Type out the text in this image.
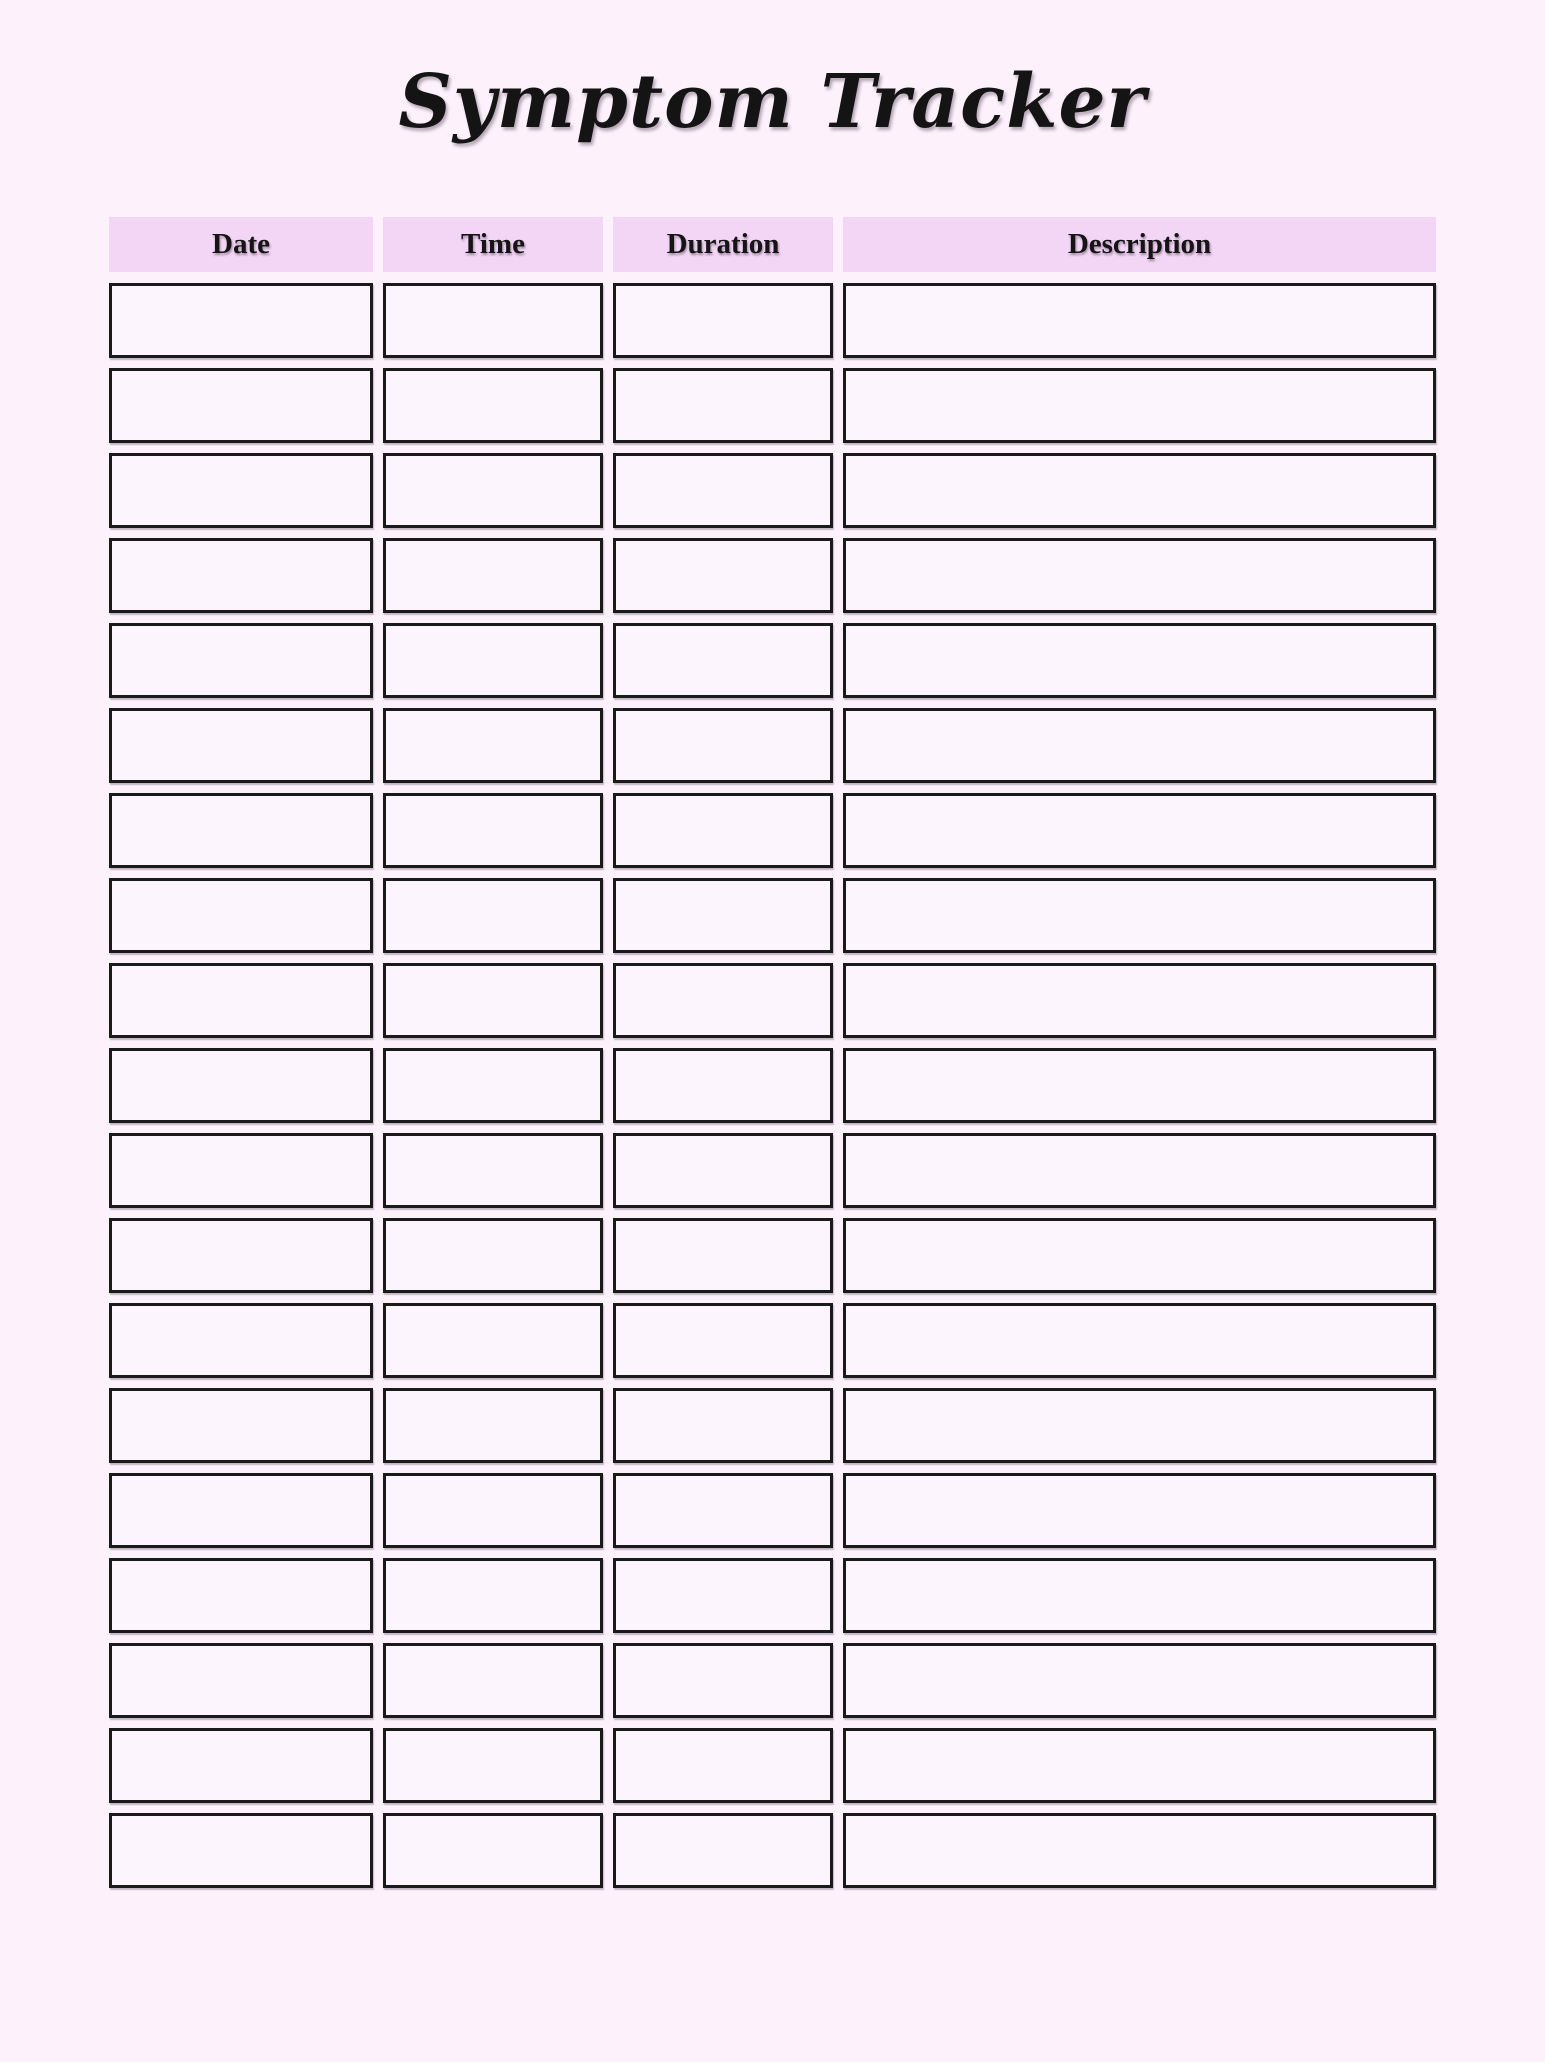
Symptom Tracker
Date	Time	Duration	Description
